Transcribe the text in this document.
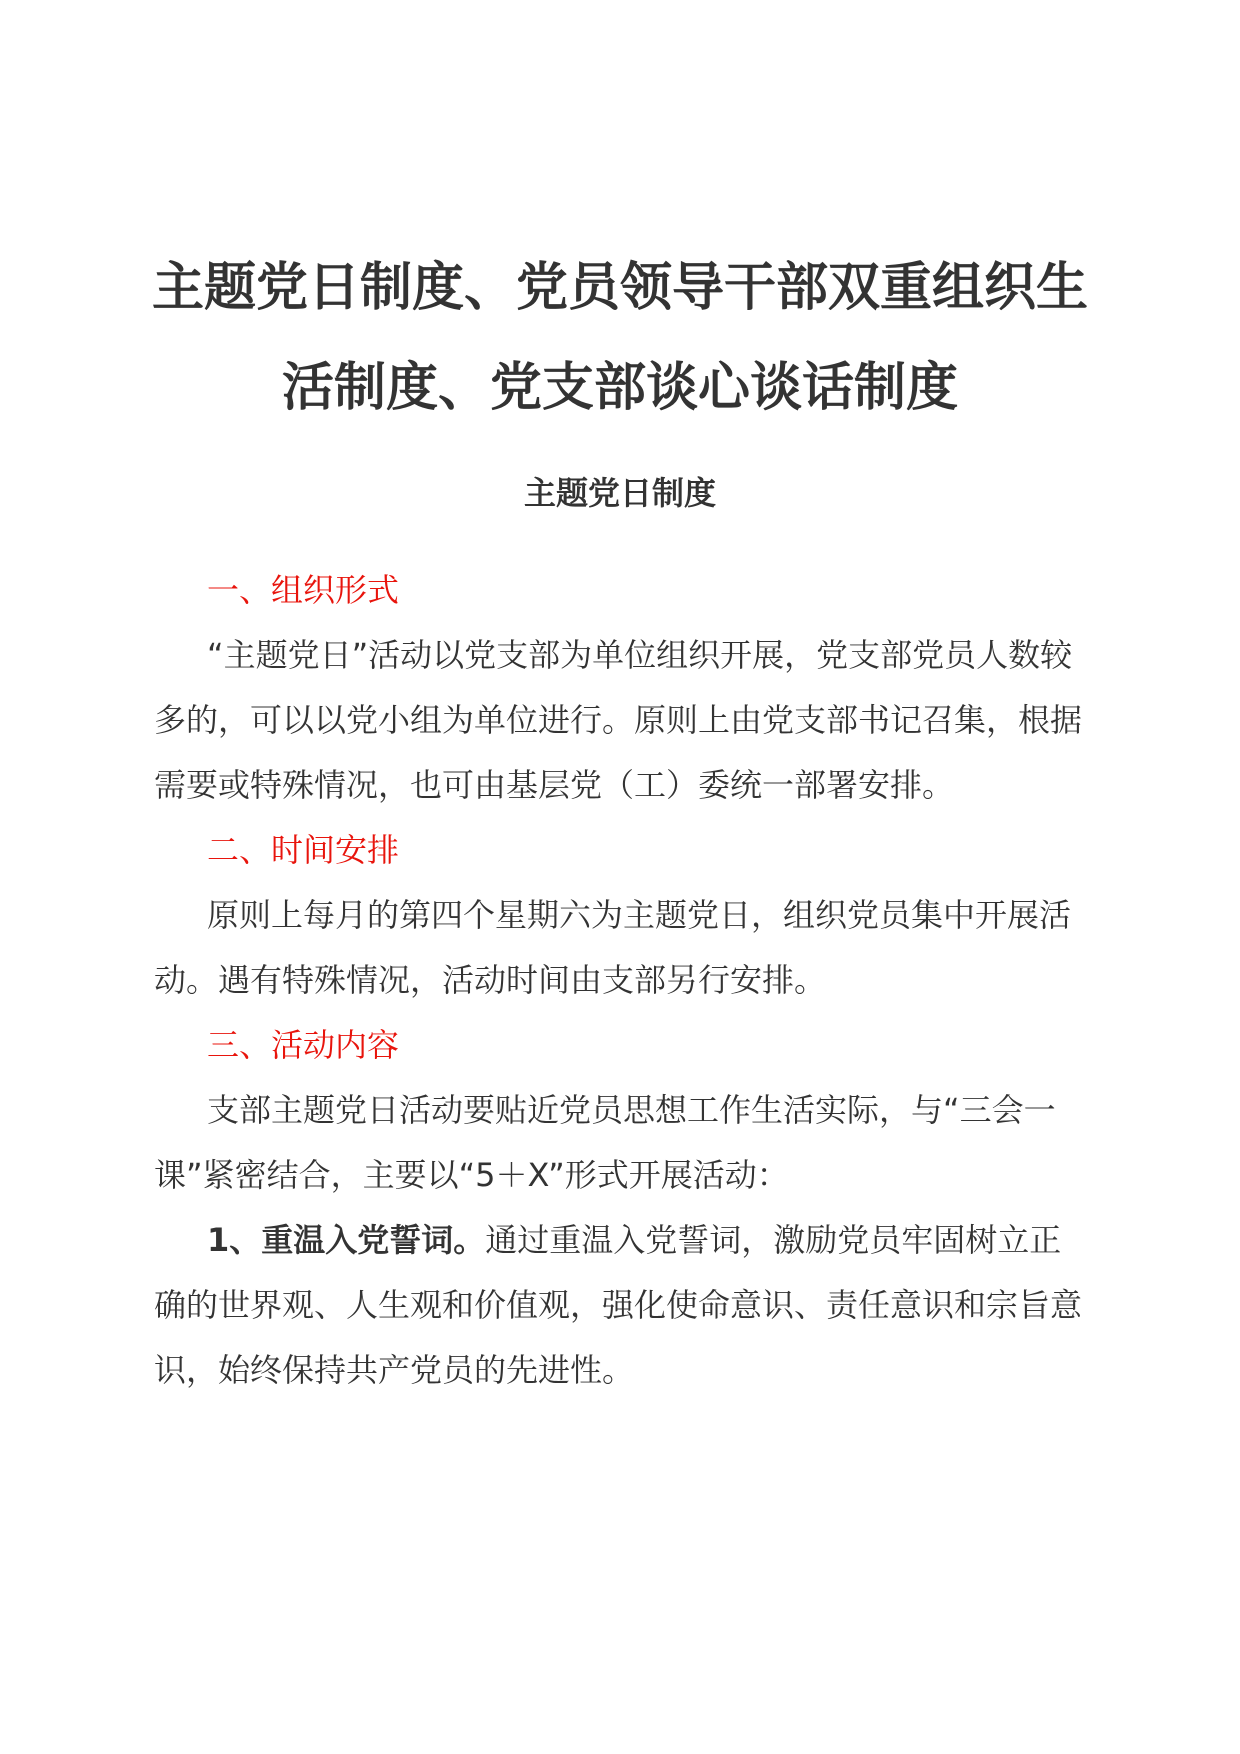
主题党日制度、党员领导干部双重组织生
活制度、党支部谈心谈话制度
主题党日制度
一、组织形式

“主题党日”活动以党支部为单位组织开展，党支部党员人数较多的，可以以党小组为单位进行。原则上由党支部书记召集，根据需要或特殊情况，也可由基层党（工）委统一部署安排。

二、时间安排

原则上每月的第四个星期六为主题党日，组织党员集中开展活动。遇有特殊情况，活动时间由支部另行安排。

三、活动内容

支部主题党日活动要贴近党员思想工作生活实际，与“三会一课”紧密结合，主要以“5＋X”形式开展活动：

1、重温入党誓词。通过重温入党誓词，激励党员牢固树立正确的世界观、人生观和价值观，强化使命意识、责任意识和宗旨意识，始终保持共产党员的先进性。
